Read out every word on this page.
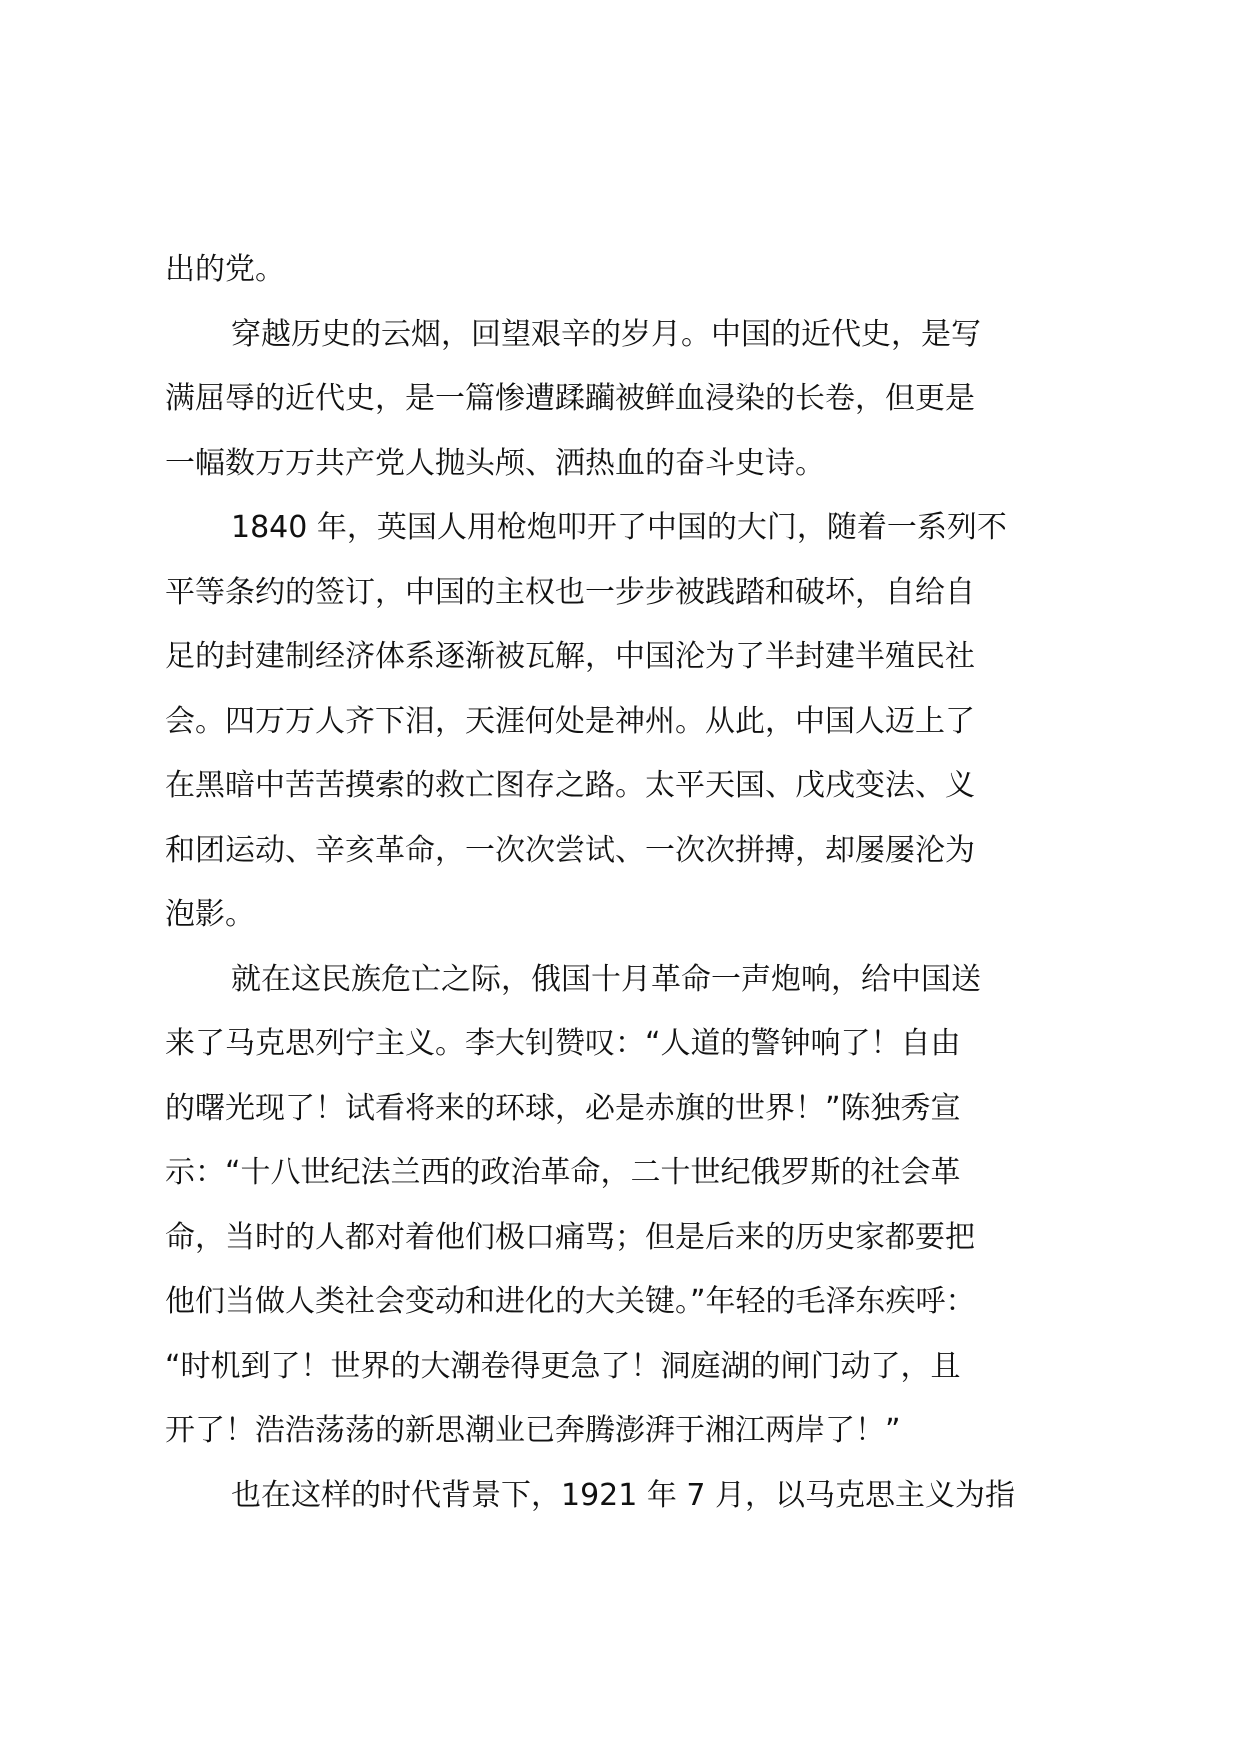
出的党。
穿越历史的云烟，回望艰辛的岁月。中国的近代史，是写
满屈辱的近代史，是一篇惨遭蹂躏被鲜血浸染的长卷，但更是
一幅数万万共产党人抛头颅、洒热血的奋斗史诗。
1840 年，英国人用枪炮叩开了中国的大门，随着一系列不
平等条约的签订，中国的主权也一步步被践踏和破坏，自给自
足的封建制经济体系逐渐被瓦解，中国沦为了半封建半殖民社
会。四万万人齐下泪，天涯何处是神州。从此，中国人迈上了
在黑暗中苦苦摸索的救亡图存之路。太平天国、戊戌变法、义
和团运动、辛亥革命，一次次尝试、一次次拼搏，却屡屡沦为
泡影。
就在这民族危亡之际，俄国十月革命一声炮响，给中国送
来了马克思列宁主义。李大钊赞叹：“人道的警钟响了！自由
的曙光现了！试看将来的环球，必是赤旗的世界！”陈独秀宣
示：“十八世纪法兰西的政治革命，二十世纪俄罗斯的社会革
命，当时的人都对着他们极口痛骂；但是后来的历史家都要把
他们当做人类社会变动和进化的大关键。”年轻的毛泽东疾呼：
“时机到了！世界的大潮卷得更急了！洞庭湖的闸门动了，且
开了！浩浩荡荡的新思潮业已奔腾澎湃于湘江两岸了！”
也在这样的时代背景下，1921 年 7 月，以马克思主义为指
